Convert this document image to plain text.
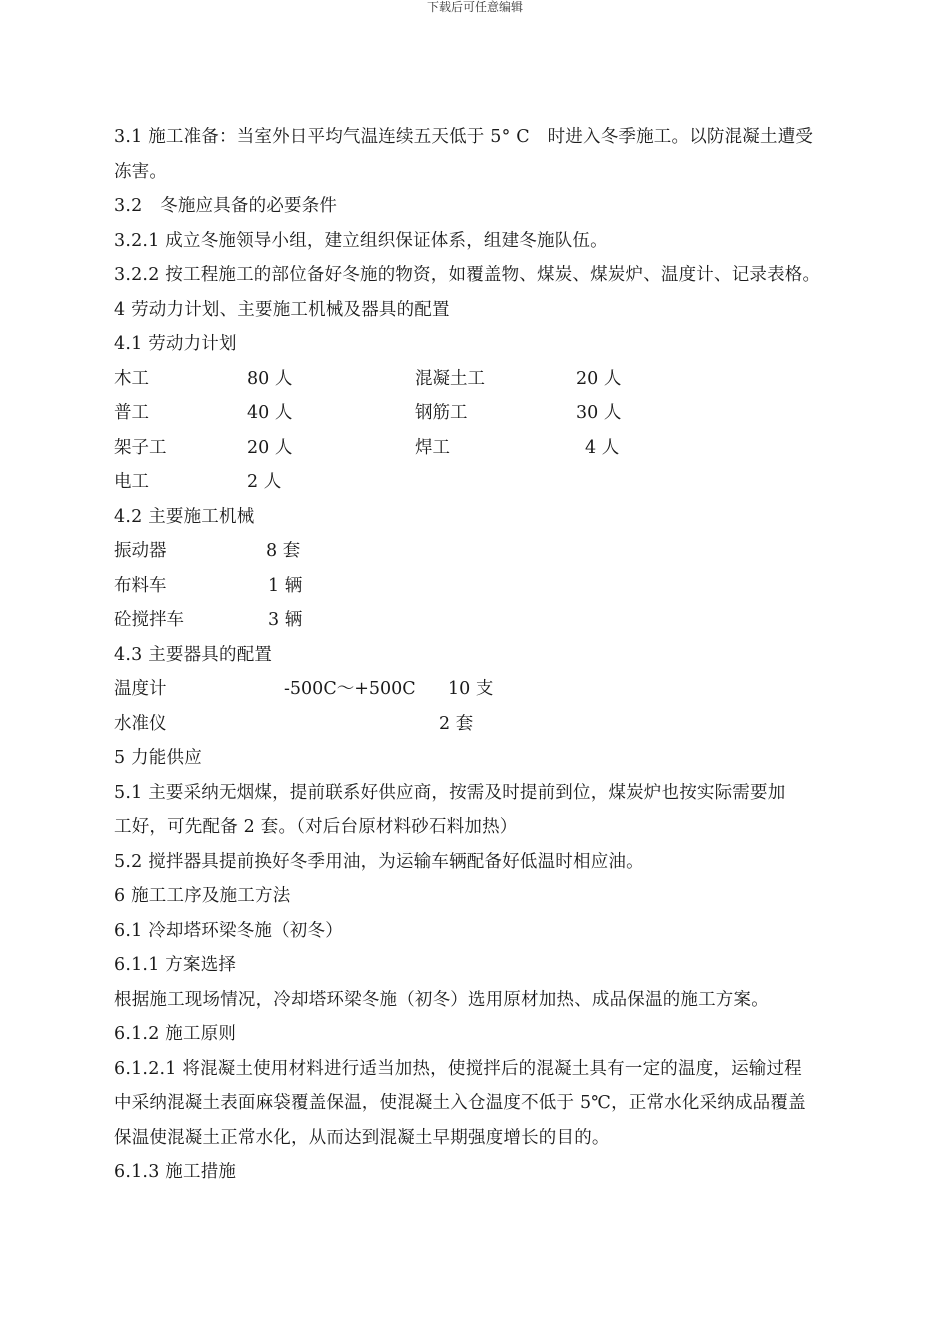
下载后可任意编辑
3.1 施工准备：当室外日平均气温连续五天低于 5° C　时进入冬季施工。以防混凝土遭受
冻害。
3.2　冬施应具备的必要条件
3.2.1 成立冬施领导小组，建立组织保证体系，组建冬施队伍。
3.2.2 按工程施工的部位备好冬施的物资，如覆盖物、煤炭、煤炭炉、温度计、记录表格。
4 劳动力计划、主要施工机械及器具的配置
4.1 劳动力计划
木工	80 人	混凝土工	20 人
普工	40 人	钢筋工	30 人
架子工	20 人	焊工	4 人
电工	2 人
4.2 主要施工机械
振动器	8 套
布料车	1 辆
砼搅拌车	3 辆
4.3 主要器具的配置
温度计	-500C～+500C 10 支
水准仪	2 套
5 力能供应
5.1 主要采纳无烟煤，提前联系好供应商，按需及时提前到位，煤炭炉也按实际需要加
工好，可先配备 2 套。（对后台原材料砂石料加热）
5.2 搅拌器具提前换好冬季用油，为运输车辆配备好低温时相应油。
6 施工工序及施工方法
6.1 冷却塔环梁冬施（初冬）
6.1.1 方案选择
根据施工现场情况，冷却塔环梁冬施（初冬）选用原材加热、成品保温的施工方案。
6.1.2 施工原则
6.1.2.1 将混凝土使用材料进行适当加热，使搅拌后的混凝土具有一定的温度，运输过程
中采纳混凝土表面麻袋覆盖保温，使混凝土入仓温度不低于 5℃，正常水化采纳成品覆盖
保温使混凝土正常水化，从而达到混凝土早期强度增长的目的。
6.1.3 施工措施
